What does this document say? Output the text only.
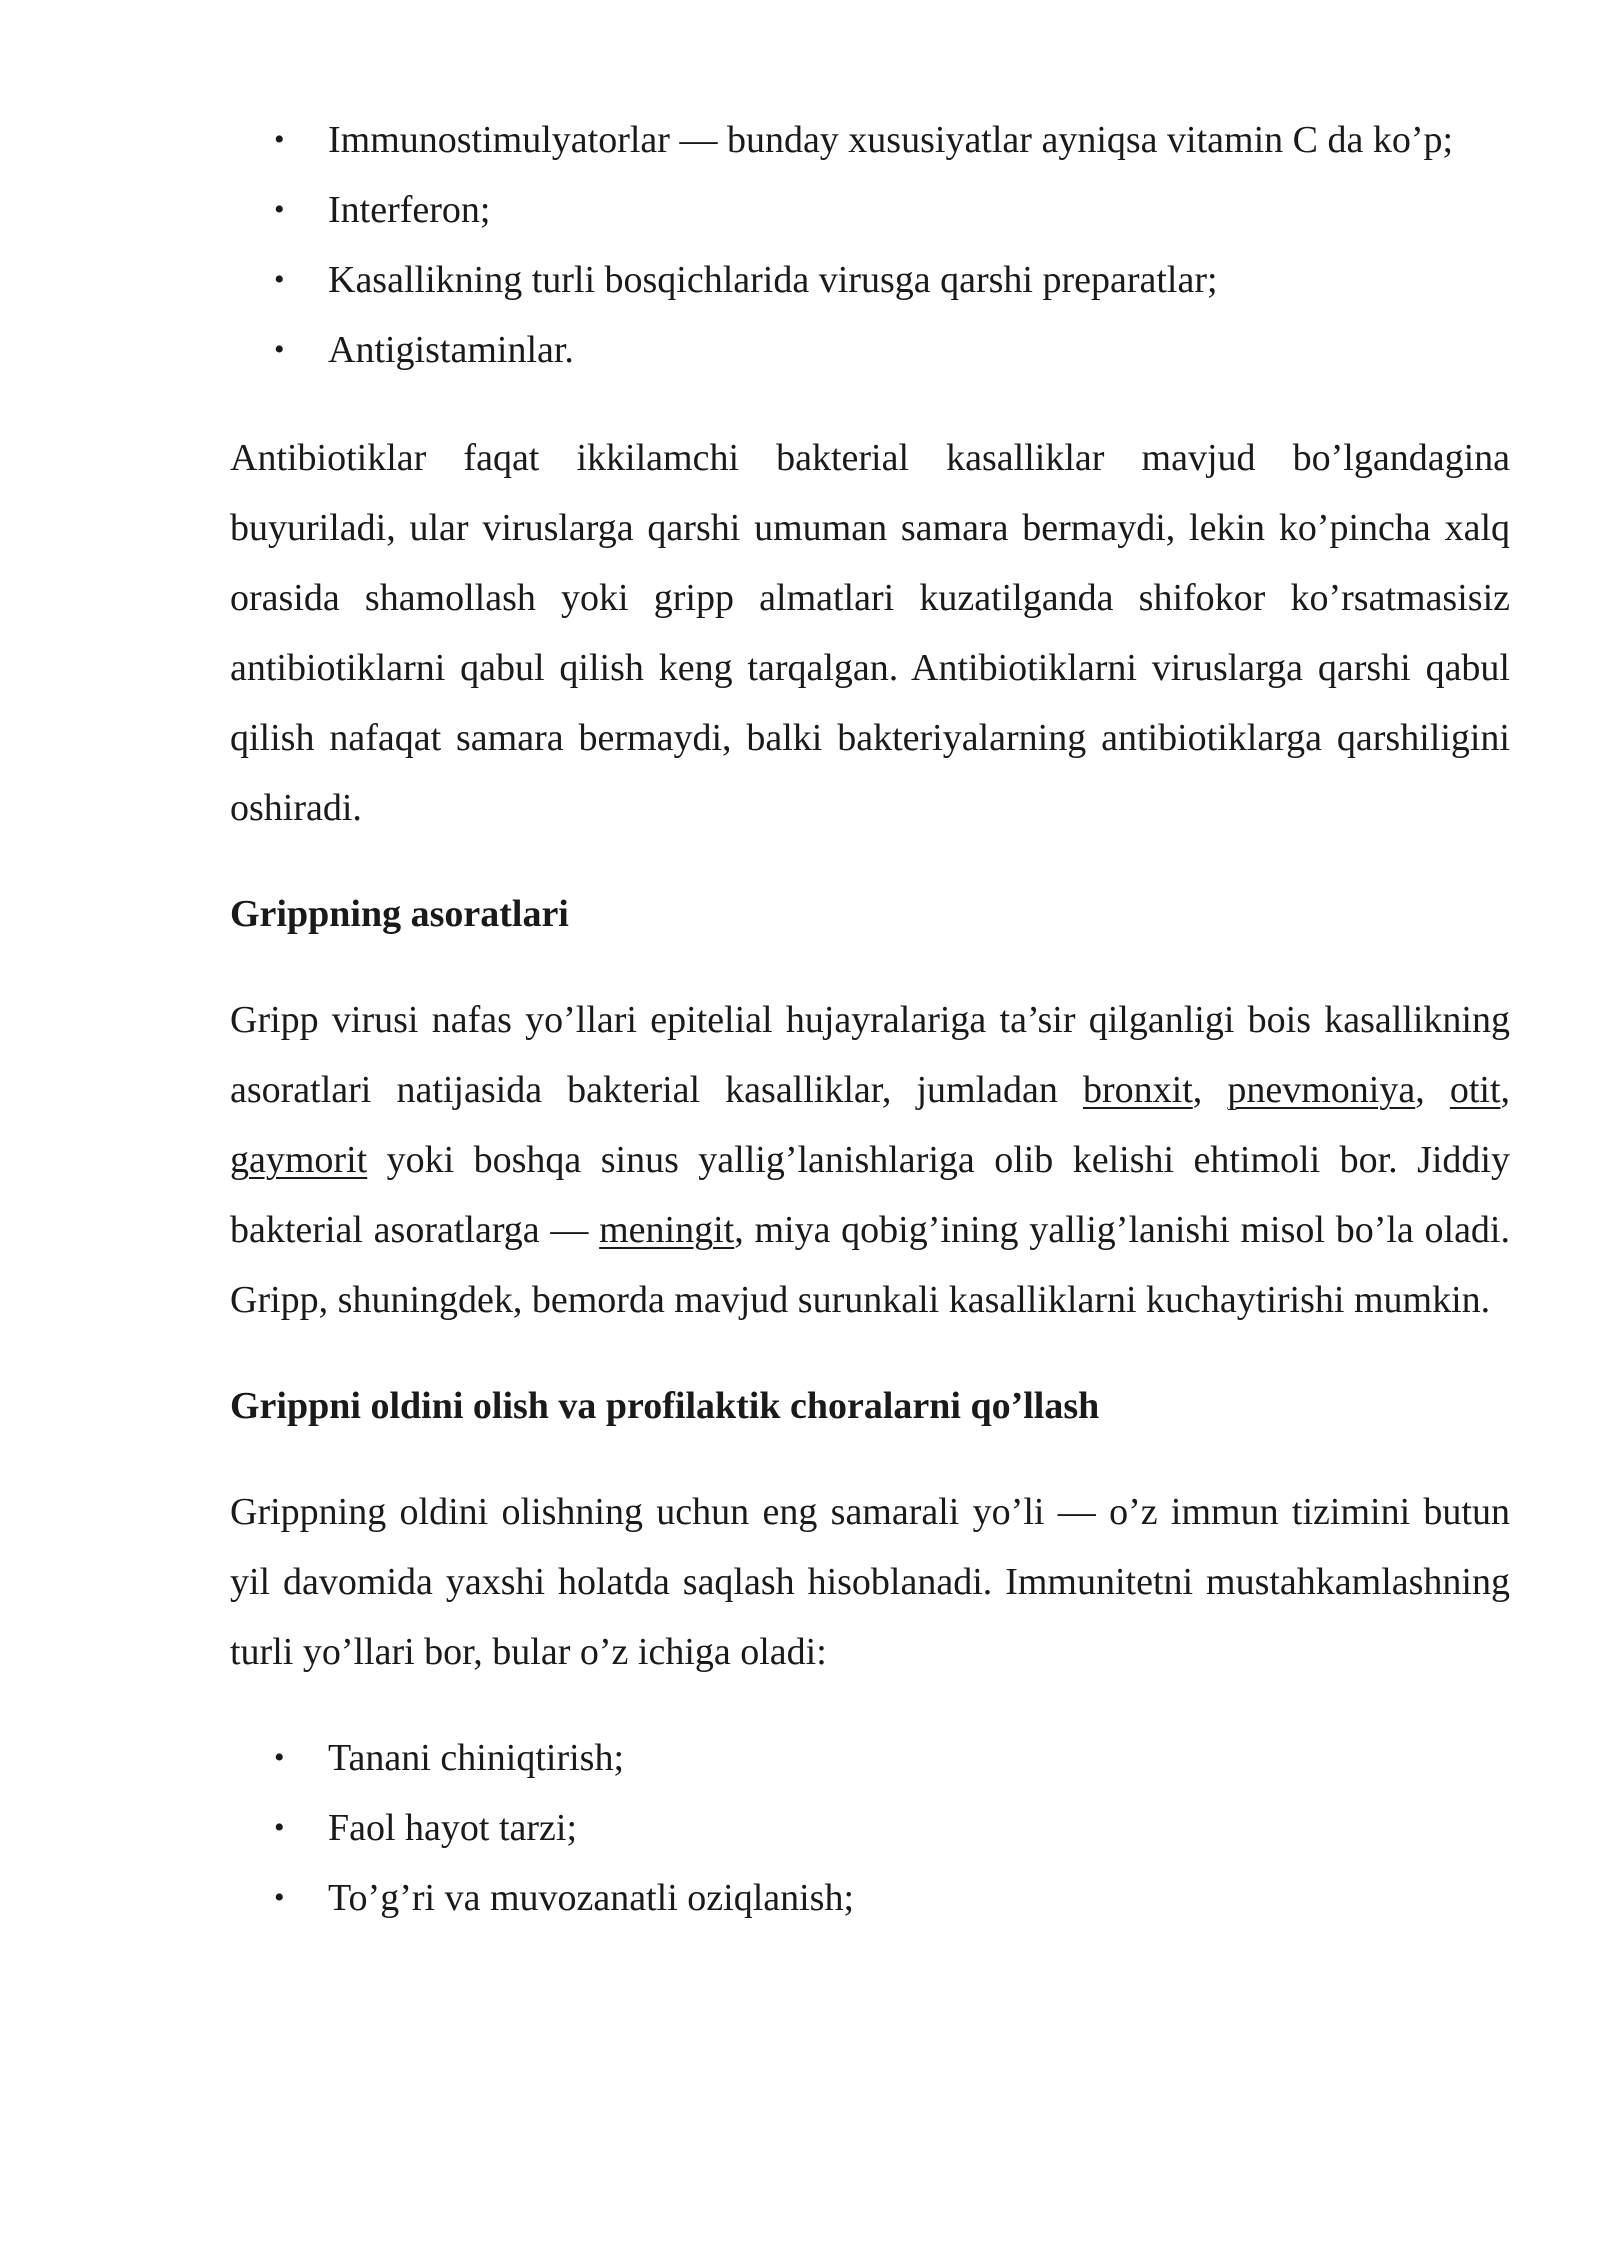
• Immunostimulyatorlar — bunday xususiyatlar ayniqsa vitamin C da ko’p;
• Interferon;
• Kasallikning turli bosqichlarida virusga qarshi preparatlar;
• Antigistaminlar.

Antibiotiklar faqat ikkilamchi bakterial kasalliklar mavjud bo’lgandagina buyuriladi, ular viruslarga qarshi umuman samara bermaydi, lekin ko’pincha xalq orasida shamollash yoki gripp almatlari kuzatilganda shifokor ko’rsatmasisiz antibiotiklarni qabul qilish keng tarqalgan. Antibiotiklarni viruslarga qarshi qabul qilish nafaqat samara bermaydi, balki bakteriyalarning antibiotiklarga qarshiligini oshiradi.

Grippning asoratlari

Gripp virusi nafas yo’llari epitelial hujayralariga ta’sir qilganligi bois kasallikning asoratlari natijasida bakterial kasalliklar, jumladan bronxit, pnevmoniya, otit, gaymorit yoki boshqa sinus yallig’lanishlariga olib kelishi ehtimoli bor. Jiddiy bakterial asoratlarga — meningit, miya qobig’ining yallig’lanishi misol bo’la oladi. Gripp, shuningdek, bemorda mavjud surunkali kasalliklarni kuchaytirishi mumkin.

Grippni oldini olish va profilaktik choralarni qo’llash

Grippning oldini olishning uchun eng samarali yo’li — o’z immun tizimini butun yil davomida yaxshi holatda saqlash hisoblanadi. Immunitetni mustahkamlashning turli yo’llari bor, bular o’z ichiga oladi:

• Tanani chiniqtirish;
• Faol hayot tarzi;
• To’g’ri va muvozanatli oziqlanish;
